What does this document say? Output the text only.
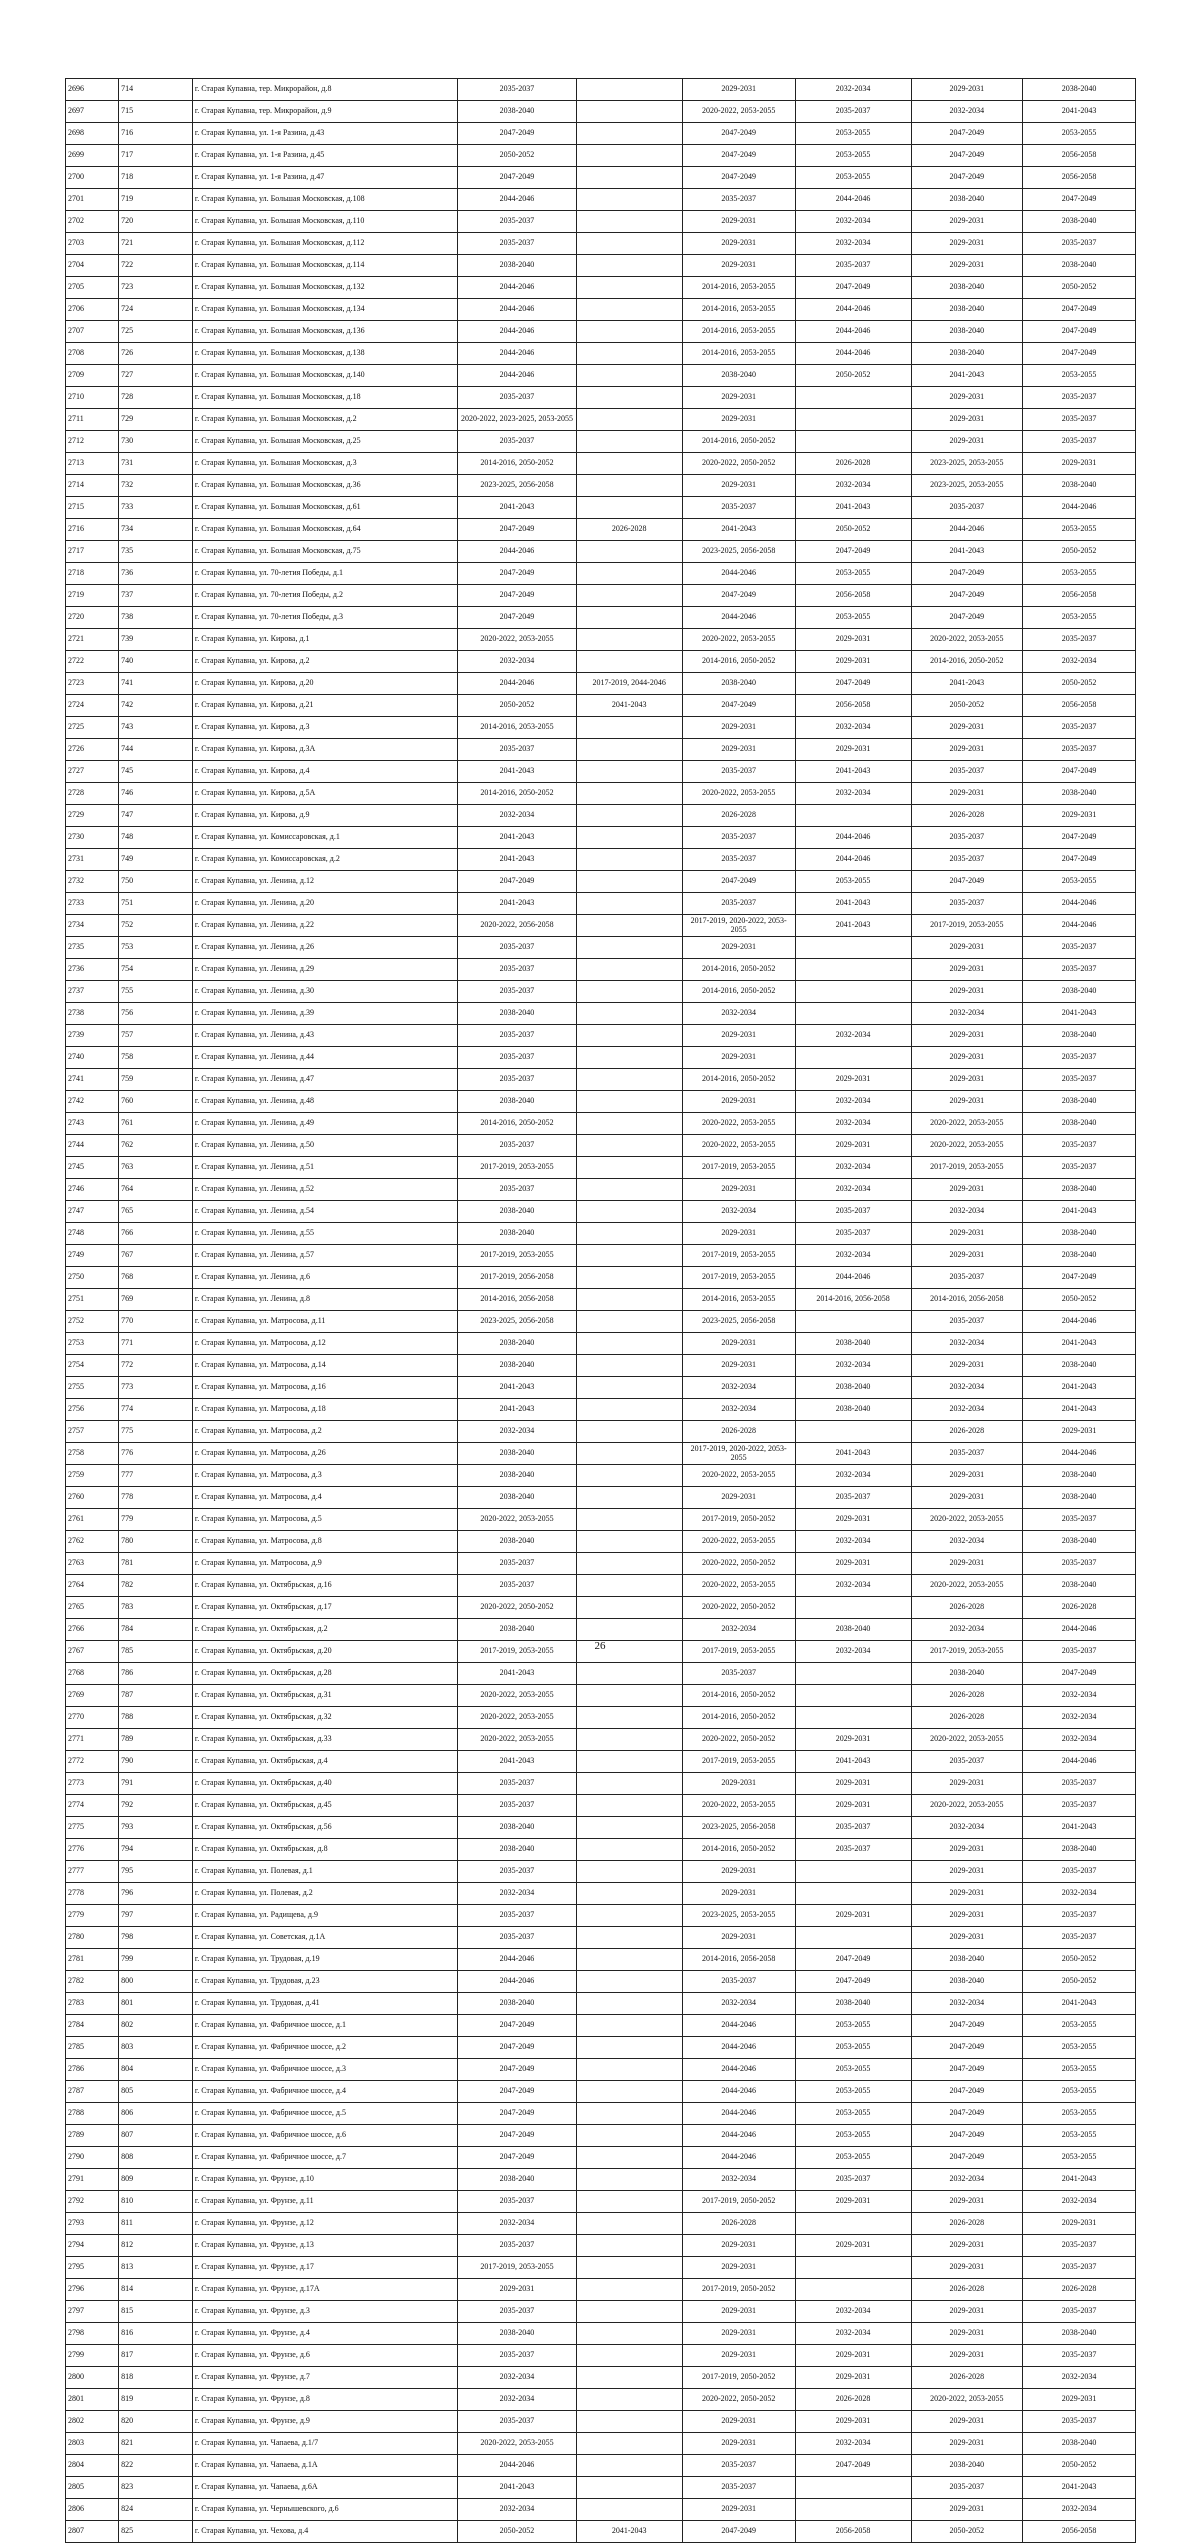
2696	714	г. Старая Купавна, тер. Микрорайон, д.8	2035-2037		2029-2031	2032-2034	2029-2031	2038-2040
2697	715	г. Старая Купавна, тер. Микрорайон, д.9	2038-2040		2020-2022, 2053-2055	2035-2037	2032-2034	2041-2043
2698	716	г. Старая Купавна, ул. 1-я Разина, д.43	2047-2049		2047-2049	2053-2055	2047-2049	2053-2055
2699	717	г. Старая Купавна, ул. 1-я Разина, д.45	2050-2052		2047-2049	2053-2055	2047-2049	2056-2058
2700	718	г. Старая Купавна, ул. 1-я Разина, д.47	2047-2049		2047-2049	2053-2055	2047-2049	2056-2058
2701	719	г. Старая Купавна, ул. Большая Московская, д.108	2044-2046		2035-2037	2044-2046	2038-2040	2047-2049
2702	720	г. Старая Купавна, ул. Большая Московская, д.110	2035-2037		2029-2031	2032-2034	2029-2031	2038-2040
2703	721	г. Старая Купавна, ул. Большая Московская, д.112	2035-2037		2029-2031	2032-2034	2029-2031	2035-2037
2704	722	г. Старая Купавна, ул. Большая Московская, д.114	2038-2040		2029-2031	2035-2037	2029-2031	2038-2040
2705	723	г. Старая Купавна, ул. Большая Московская, д.132	2044-2046		2014-2016, 2053-2055	2047-2049	2038-2040	2050-2052
2706	724	г. Старая Купавна, ул. Большая Московская, д.134	2044-2046		2014-2016, 2053-2055	2044-2046	2038-2040	2047-2049
2707	725	г. Старая Купавна, ул. Большая Московская, д.136	2044-2046		2014-2016, 2053-2055	2044-2046	2038-2040	2047-2049
2708	726	г. Старая Купавна, ул. Большая Московская, д.138	2044-2046		2014-2016, 2053-2055	2044-2046	2038-2040	2047-2049
2709	727	г. Старая Купавна, ул. Большая Московская, д.140	2044-2046		2038-2040	2050-2052	2041-2043	2053-2055
2710	728	г. Старая Купавна, ул. Большая Московская, д.18	2035-2037		2029-2031		2029-2031	2035-2037
2711	729	г. Старая Купавна, ул. Большая Московская, д.2	2020-2022, 2023-2025, 2053-2055		2029-2031		2029-2031	2035-2037
2712	730	г. Старая Купавна, ул. Большая Московская, д.25	2035-2037		2014-2016, 2050-2052		2029-2031	2035-2037
2713	731	г. Старая Купавна, ул. Большая Московская, д.3	2014-2016, 2050-2052		2020-2022, 2050-2052	2026-2028	2023-2025, 2053-2055	2029-2031
2714	732	г. Старая Купавна, ул. Большая Московская, д.36	2023-2025, 2056-2058		2029-2031	2032-2034	2023-2025, 2053-2055	2038-2040
2715	733	г. Старая Купавна, ул. Большая Московская, д.61	2041-2043		2035-2037	2041-2043	2035-2037	2044-2046
2716	734	г. Старая Купавна, ул. Большая Московская, д.64	2047-2049	2026-2028	2041-2043	2050-2052	2044-2046	2053-2055
2717	735	г. Старая Купавна, ул. Большая Московская, д.75	2044-2046		2023-2025, 2056-2058	2047-2049	2041-2043	2050-2052
2718	736	г. Старая Купавна, ул. 70-летия Победы, д.1	2047-2049		2044-2046	2053-2055	2047-2049	2053-2055
2719	737	г. Старая Купавна, ул. 70-летия Победы, д.2	2047-2049		2047-2049	2056-2058	2047-2049	2056-2058
2720	738	г. Старая Купавна, ул. 70-летия Победы, д.3	2047-2049		2044-2046	2053-2055	2047-2049	2053-2055
2721	739	г. Старая Купавна, ул. Кирова, д.1	2020-2022, 2053-2055		2020-2022, 2053-2055	2029-2031	2020-2022, 2053-2055	2035-2037
2722	740	г. Старая Купавна, ул. Кирова, д.2	2032-2034		2014-2016, 2050-2052	2029-2031	2014-2016, 2050-2052	2032-2034
2723	741	г. Старая Купавна, ул. Кирова, д.20	2044-2046	2017-2019, 2044-2046	2038-2040	2047-2049	2041-2043	2050-2052
2724	742	г. Старая Купавна, ул. Кирова, д.21	2050-2052	2041-2043	2047-2049	2056-2058	2050-2052	2056-2058
2725	743	г. Старая Купавна, ул. Кирова, д.3	2014-2016, 2053-2055		2029-2031	2032-2034	2029-2031	2035-2037
2726	744	г. Старая Купавна, ул. Кирова, д.3А	2035-2037		2029-2031	2029-2031	2029-2031	2035-2037
2727	745	г. Старая Купавна, ул. Кирова, д.4	2041-2043		2035-2037	2041-2043	2035-2037	2047-2049
2728	746	г. Старая Купавна, ул. Кирова, д.5А	2014-2016, 2050-2052		2020-2022, 2053-2055	2032-2034	2029-2031	2038-2040
2729	747	г. Старая Купавна, ул. Кирова, д.9	2032-2034		2026-2028		2026-2028	2029-2031
2730	748	г. Старая Купавна, ул. Комиссаровская, д.1	2041-2043		2035-2037	2044-2046	2035-2037	2047-2049
2731	749	г. Старая Купавна, ул. Комиссаровская, д.2	2041-2043		2035-2037	2044-2046	2035-2037	2047-2049
2732	750	г. Старая Купавна, ул. Ленина, д.12	2047-2049		2047-2049	2053-2055	2047-2049	2053-2055
2733	751	г. Старая Купавна, ул. Ленина, д.20	2041-2043		2035-2037	2041-2043	2035-2037	2044-2046
2734	752	г. Старая Купавна, ул. Ленина, д.22	2020-2022, 2056-2058		2017-2019, 2020-2022, 2053-2055	2041-2043	2017-2019, 2053-2055	2044-2046
2735	753	г. Старая Купавна, ул. Ленина, д.26	2035-2037		2029-2031		2029-2031	2035-2037
2736	754	г. Старая Купавна, ул. Ленина, д.29	2035-2037		2014-2016, 2050-2052		2029-2031	2035-2037
2737	755	г. Старая Купавна, ул. Ленина, д.30	2035-2037		2014-2016, 2050-2052		2029-2031	2038-2040
2738	756	г. Старая Купавна, ул. Ленина, д.39	2038-2040		2032-2034		2032-2034	2041-2043
2739	757	г. Старая Купавна, ул. Ленина, д.43	2035-2037		2029-2031	2032-2034	2029-2031	2038-2040
2740	758	г. Старая Купавна, ул. Ленина, д.44	2035-2037		2029-2031		2029-2031	2035-2037
2741	759	г. Старая Купавна, ул. Ленина, д.47	2035-2037		2014-2016, 2050-2052	2029-2031	2029-2031	2035-2037
2742	760	г. Старая Купавна, ул. Ленина, д.48	2038-2040		2029-2031	2032-2034	2029-2031	2038-2040
2743	761	г. Старая Купавна, ул. Ленина, д.49	2014-2016, 2050-2052		2020-2022, 2053-2055	2032-2034	2020-2022, 2053-2055	2038-2040
2744	762	г. Старая Купавна, ул. Ленина, д.50	2035-2037		2020-2022, 2053-2055	2029-2031	2020-2022, 2053-2055	2035-2037
2745	763	г. Старая Купавна, ул. Ленина, д.51	2017-2019, 2053-2055		2017-2019, 2053-2055	2032-2034	2017-2019, 2053-2055	2035-2037
2746	764	г. Старая Купавна, ул. Ленина, д.52	2035-2037		2029-2031	2032-2034	2029-2031	2038-2040
2747	765	г. Старая Купавна, ул. Ленина, д.54	2038-2040		2032-2034	2035-2037	2032-2034	2041-2043
2748	766	г. Старая Купавна, ул. Ленина, д.55	2038-2040		2029-2031	2035-2037	2029-2031	2038-2040
2749	767	г. Старая Купавна, ул. Ленина, д.57	2017-2019, 2053-2055		2017-2019, 2053-2055	2032-2034	2029-2031	2038-2040
2750	768	г. Старая Купавна, ул. Ленина, д.6	2017-2019, 2056-2058		2017-2019, 2053-2055	2044-2046	2035-2037	2047-2049
2751	769	г. Старая Купавна, ул. Ленина, д.8	2014-2016, 2056-2058		2014-2016, 2053-2055	2014-2016, 2056-2058	2014-2016, 2056-2058	2050-2052
2752	770	г. Старая Купавна, ул. Матросова, д.11	2023-2025, 2056-2058		2023-2025, 2056-2058		2035-2037	2044-2046
2753	771	г. Старая Купавна, ул. Матросова, д.12	2038-2040		2029-2031	2038-2040	2032-2034	2041-2043
2754	772	г. Старая Купавна, ул. Матросова, д.14	2038-2040		2029-2031	2032-2034	2029-2031	2038-2040
2755	773	г. Старая Купавна, ул. Матросова, д.16	2041-2043		2032-2034	2038-2040	2032-2034	2041-2043
2756	774	г. Старая Купавна, ул. Матросова, д.18	2041-2043		2032-2034	2038-2040	2032-2034	2041-2043
2757	775	г. Старая Купавна, ул. Матросова, д.2	2032-2034		2026-2028		2026-2028	2029-2031
2758	776	г. Старая Купавна, ул. Матросова, д.26	2038-2040		2017-2019, 2020-2022, 2053-2055	2041-2043	2035-2037	2044-2046
2759	777	г. Старая Купавна, ул. Матросова, д.3	2038-2040		2020-2022, 2053-2055	2032-2034	2029-2031	2038-2040
2760	778	г. Старая Купавна, ул. Матросова, д.4	2038-2040		2029-2031	2035-2037	2029-2031	2038-2040
2761	779	г. Старая Купавна, ул. Матросова, д.5	2020-2022, 2053-2055		2017-2019, 2050-2052	2029-2031	2020-2022, 2053-2055	2035-2037
2762	780	г. Старая Купавна, ул. Матросова, д.8	2038-2040		2020-2022, 2053-2055	2032-2034	2032-2034	2038-2040
2763	781	г. Старая Купавна, ул. Матросова, д.9	2035-2037		2020-2022, 2050-2052	2029-2031	2029-2031	2035-2037
2764	782	г. Старая Купавна, ул. Октябрьская, д.16	2035-2037		2020-2022, 2053-2055	2032-2034	2020-2022, 2053-2055	2038-2040
2765	783	г. Старая Купавна, ул. Октябрьская, д.17	2020-2022, 2050-2052		2020-2022, 2050-2052		2026-2028	2026-2028
2766	784	г. Старая Купавна, ул. Октябрьская, д.2	2038-2040		2032-2034	2038-2040	2032-2034	2044-2046
2767	785	г. Старая Купавна, ул. Октябрьская, д.20	2017-2019, 2053-2055		2017-2019, 2053-2055	2032-2034	2017-2019, 2053-2055	2035-2037
2768	786	г. Старая Купавна, ул. Октябрьская, д.28	2041-2043		2035-2037		2038-2040	2047-2049
2769	787	г. Старая Купавна, ул. Октябрьская, д.31	2020-2022, 2053-2055		2014-2016, 2050-2052		2026-2028	2032-2034
2770	788	г. Старая Купавна, ул. Октябрьская, д.32	2020-2022, 2053-2055		2014-2016, 2050-2052		2026-2028	2032-2034
2771	789	г. Старая Купавна, ул. Октябрьская, д.33	2020-2022, 2053-2055		2020-2022, 2050-2052	2029-2031	2020-2022, 2053-2055	2032-2034
2772	790	г. Старая Купавна, ул. Октябрьская, д.4	2041-2043		2017-2019, 2053-2055	2041-2043	2035-2037	2044-2046
2773	791	г. Старая Купавна, ул. Октябрьская, д.40	2035-2037		2029-2031	2029-2031	2029-2031	2035-2037
2774	792	г. Старая Купавна, ул. Октябрьская, д.45	2035-2037		2020-2022, 2053-2055	2029-2031	2020-2022, 2053-2055	2035-2037
2775	793	г. Старая Купавна, ул. Октябрьская, д.56	2038-2040		2023-2025, 2056-2058	2035-2037	2032-2034	2041-2043
2776	794	г. Старая Купавна, ул. Октябрьская, д.8	2038-2040		2014-2016, 2050-2052	2035-2037	2029-2031	2038-2040
2777	795	г. Старая Купавна, ул. Полевая, д.1	2035-2037		2029-2031		2029-2031	2035-2037
2778	796	г. Старая Купавна, ул. Полевая, д.2	2032-2034		2029-2031		2029-2031	2032-2034
2779	797	г. Старая Купавна, ул. Радищева, д.9	2035-2037		2023-2025, 2053-2055	2029-2031	2029-2031	2035-2037
2780	798	г. Старая Купавна, ул. Советская, д.1А	2035-2037		2029-2031		2029-2031	2035-2037
2781	799	г. Старая Купавна, ул. Трудовая, д.19	2044-2046		2014-2016, 2056-2058	2047-2049	2038-2040	2050-2052
2782	800	г. Старая Купавна, ул. Трудовая, д.23	2044-2046		2035-2037	2047-2049	2038-2040	2050-2052
2783	801	г. Старая Купавна, ул. Трудовая, д.41	2038-2040		2032-2034	2038-2040	2032-2034	2041-2043
2784	802	г. Старая Купавна, ул. Фабричное шоссе, д.1	2047-2049		2044-2046	2053-2055	2047-2049	2053-2055
2785	803	г. Старая Купавна, ул. Фабричное шоссе, д.2	2047-2049		2044-2046	2053-2055	2047-2049	2053-2055
2786	804	г. Старая Купавна, ул. Фабричное шоссе, д.3	2047-2049		2044-2046	2053-2055	2047-2049	2053-2055
2787	805	г. Старая Купавна, ул. Фабричное шоссе, д.4	2047-2049		2044-2046	2053-2055	2047-2049	2053-2055
2788	806	г. Старая Купавна, ул. Фабричное шоссе, д.5	2047-2049		2044-2046	2053-2055	2047-2049	2053-2055
2789	807	г. Старая Купавна, ул. Фабричное шоссе, д.6	2047-2049		2044-2046	2053-2055	2047-2049	2053-2055
2790	808	г. Старая Купавна, ул. Фабричное шоссе, д.7	2047-2049		2044-2046	2053-2055	2047-2049	2053-2055
2791	809	г. Старая Купавна, ул. Фрунзе, д.10	2038-2040		2032-2034	2035-2037	2032-2034	2041-2043
2792	810	г. Старая Купавна, ул. Фрунзе, д.11	2035-2037		2017-2019, 2050-2052	2029-2031	2029-2031	2032-2034
2793	811	г. Старая Купавна, ул. Фрунзе, д.12	2032-2034		2026-2028		2026-2028	2029-2031
2794	812	г. Старая Купавна, ул. Фрунзе, д.13	2035-2037		2029-2031	2029-2031	2029-2031	2035-2037
2795	813	г. Старая Купавна, ул. Фрунзе, д.17	2017-2019, 2053-2055		2029-2031		2029-2031	2035-2037
2796	814	г. Старая Купавна, ул. Фрунзе, д.17А	2029-2031		2017-2019, 2050-2052		2026-2028	2026-2028
2797	815	г. Старая Купавна, ул. Фрунзе, д.3	2035-2037		2029-2031	2032-2034	2029-2031	2035-2037
2798	816	г. Старая Купавна, ул. Фрунзе, д.4	2038-2040		2029-2031	2032-2034	2029-2031	2038-2040
2799	817	г. Старая Купавна, ул. Фрунзе, д.6	2035-2037		2029-2031	2029-2031	2029-2031	2035-2037
2800	818	г. Старая Купавна, ул. Фрунзе, д.7	2032-2034		2017-2019, 2050-2052	2029-2031	2026-2028	2032-2034
2801	819	г. Старая Купавна, ул. Фрунзе, д.8	2032-2034		2020-2022, 2050-2052	2026-2028	2020-2022, 2053-2055	2029-2031
2802	820	г. Старая Купавна, ул. Фрунзе, д.9	2035-2037		2029-2031	2029-2031	2029-2031	2035-2037
2803	821	г. Старая Купавна, ул. Чапаева, д.1/7	2020-2022, 2053-2055		2029-2031	2032-2034	2029-2031	2038-2040
2804	822	г. Старая Купавна, ул. Чапаева, д.1А	2044-2046		2035-2037	2047-2049	2038-2040	2050-2052
2805	823	г. Старая Купавна, ул. Чапаева, д.6А	2041-2043		2035-2037		2035-2037	2041-2043
2806	824	г. Старая Купавна, ул. Чернышевского, д.6	2032-2034		2029-2031		2029-2031	2032-2034
2807	825	г. Старая Купавна, ул. Чехова, д.4	2050-2052	2041-2043	2047-2049	2056-2058	2050-2052	2056-2058
26
